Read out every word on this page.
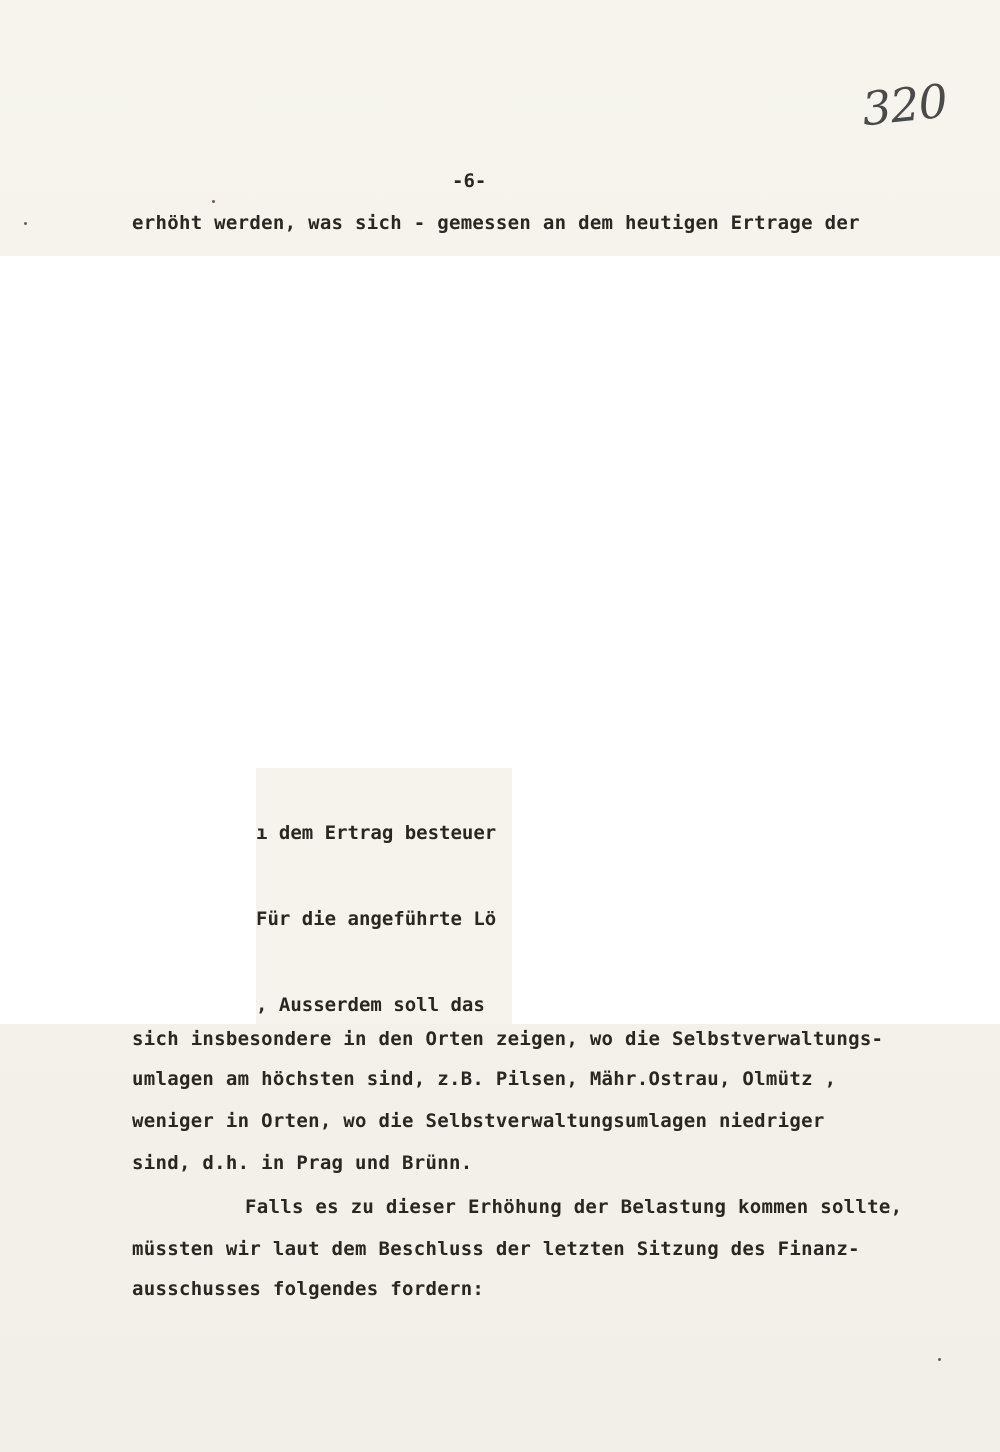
320
-6-
erhöht werden, was sich - gemessen an dem heutigen Ertrage der

ı dem Ertrag besteuer

Für die angeführte Lö

, Ausserdem soll das

sich insbesondere in den Orten zeigen, wo die Selbstverwaltungs-
umlagen am höchsten sind, z.B. Pilsen, Mähr.Ostrau, Olmütz ,
weniger in Orten, wo die Selbstverwaltungsumlagen niedriger
sind, d.h. in Prag und Brünn.
Falls es zu dieser Erhöhung der Belastung kommen sollte,
müssten wir laut dem Beschluss der letzten Sitzung des Finanz-
ausschusses folgendes fordern:
